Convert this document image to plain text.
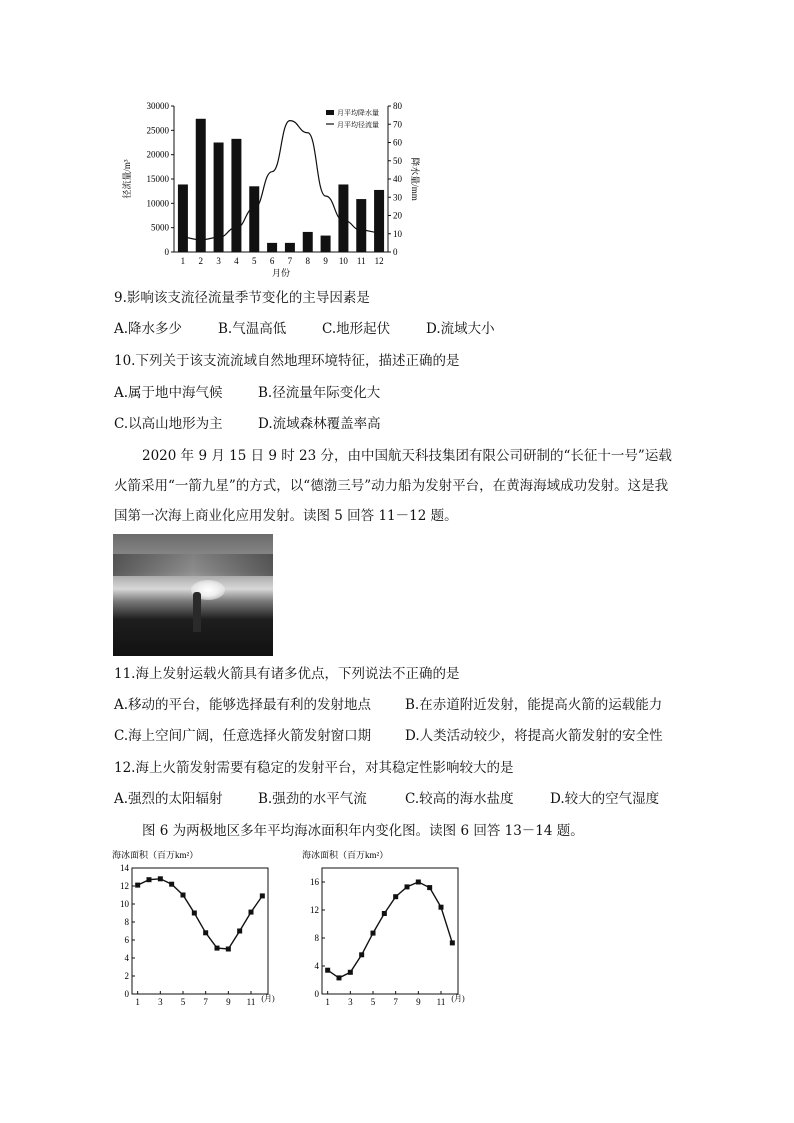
0
5000
10000
15000
20000
25000
30000
0
10
20
30
40
50
60
70
80
1 2 3 4 5 6 7 8 9 10 11 12
月份
径流量/m³	降水量/mm
月平均降水量
月平均径流量
9.影响该支流径流量季节变化的主导因素是
A.降水多少	B.气温高低	C.地形起伏	D.流域大小
10.下列关于该支流流域自然地理环境特征，描述正确的是
A.属于地中海气候	B.径流量年际变化大
C.以高山地形为主	D.流域森林覆盖率高
2020 年 9 月 15 日 9 时 23 分，由中国航天科技集团有限公司研制的“长征十一号”运载火箭采用“一箭九星”的方式，以“德渤三号”动力船为发射平台，在黄海海域成功发射。这是我国第一次海上商业化应用发射。读图 5 回答 11－12 题。
11.海上发射运载火箭具有诸多优点，下列说法不正确的是
A.移动的平台，能够选择最有利的发射地点	B.在赤道附近发射，能提高火箭的运载能力
C.海上空间广阔，任意选择火箭发射窗口期	D.人类活动较少，将提高火箭发射的安全性
12.海上火箭发射需要有稳定的发射平台，对其稳定性影响较大的是
A.强烈的太阳辐射	B.强劲的水平气流	C.较高的海水盐度	D.较大的空气湿度
图 6 为两极地区多年平均海冰面积年内变化图。读图 6 回答 13－14 题。
海冰面积（百万km²）
0
2
4
6
8
10
12
14
1 3 5 7 9 11 (月)
海冰面积（百万km²）
0
4
8
12
16
1 3 5 7 9 11 (月)
